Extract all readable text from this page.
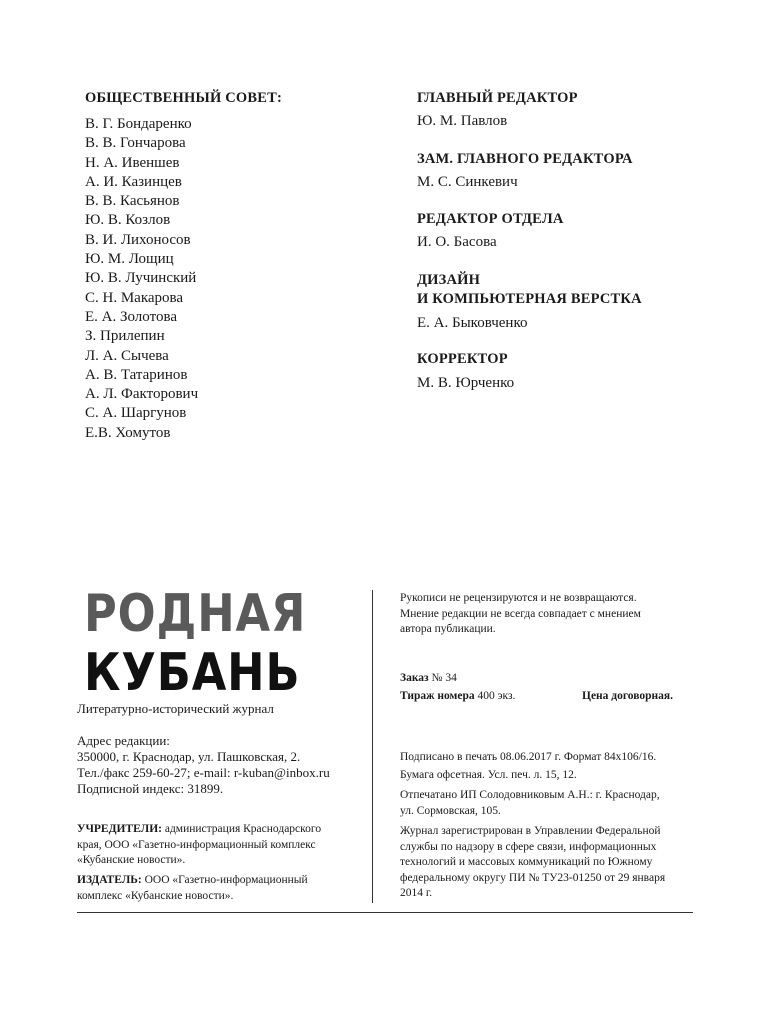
ОБЩЕСТВЕННЫЙ СОВЕТ:
В. Г. Бондаренко
В. В. Гончарова
Н. А. Ивеншев
А. И. Казинцев
В. В. Касьянов
Ю. В. Козлов
В. И. Лихоносов
Ю. М. Лощиц
Ю. В. Лучинский
С. Н. Макарова
Е. А. Золотова
З. Прилепин
Л. А. Сычева
А. В. Татаринов
А. Л. Факторович
С. А. Шаргунов
Е.В. Хомутов
ГЛАВНЫЙ РЕДАКТОР
Ю. М. Павлов
ЗАМ. ГЛАВНОГО РЕДАКТОРА
М. С. Синкевич
РЕДАКТОР ОТДЕЛА
И. О. Басова
ДИЗАЙН
И КОМПЬЮТЕРНАЯ ВЕРСТКА
Е. А. Быковченко
КОРРЕКТОР
М. В. Юрченко
РОДНАЯ
КУБАНЬ
Литературно-исторический журнал
Адрес редакции:
350000, г. Краснодар, ул. Пашковская, 2.
Тел./факс 259-60-27; e-mail: r-kuban@inbox.ru
Подписной индекс: 31899.
УЧРЕДИТЕЛИ: администрация Краснодарского
края, ООО «Газетно-информационный комплекс
«Кубанские новости».
ИЗДАТЕЛЬ: ООО «Газетно-информационный
комплекс «Кубанские новости».
Рукописи не рецензируются и не возвращаются.
Мнение редакции не всегда совпадает с мнением
автора публикации.
Заказ № 34
Тираж номера 400 экз.	Цена договорная.
Подписано в печать 08.06.2017 г. Формат 84х106/16.
Бумага офсетная. Усл. печ. л. 15, 12.
Отпечатано ИП Солодовниковым А.Н.: г. Краснодар,
ул. Сормовская, 105.
Журнал зарегистрирован в Управлении Федеральной
службы по надзору в сфере связи, информационных
технологий и массовых коммуникаций по Южному
федеральному округу ПИ № ТУ23-01250 от 29 января
2014 г.
